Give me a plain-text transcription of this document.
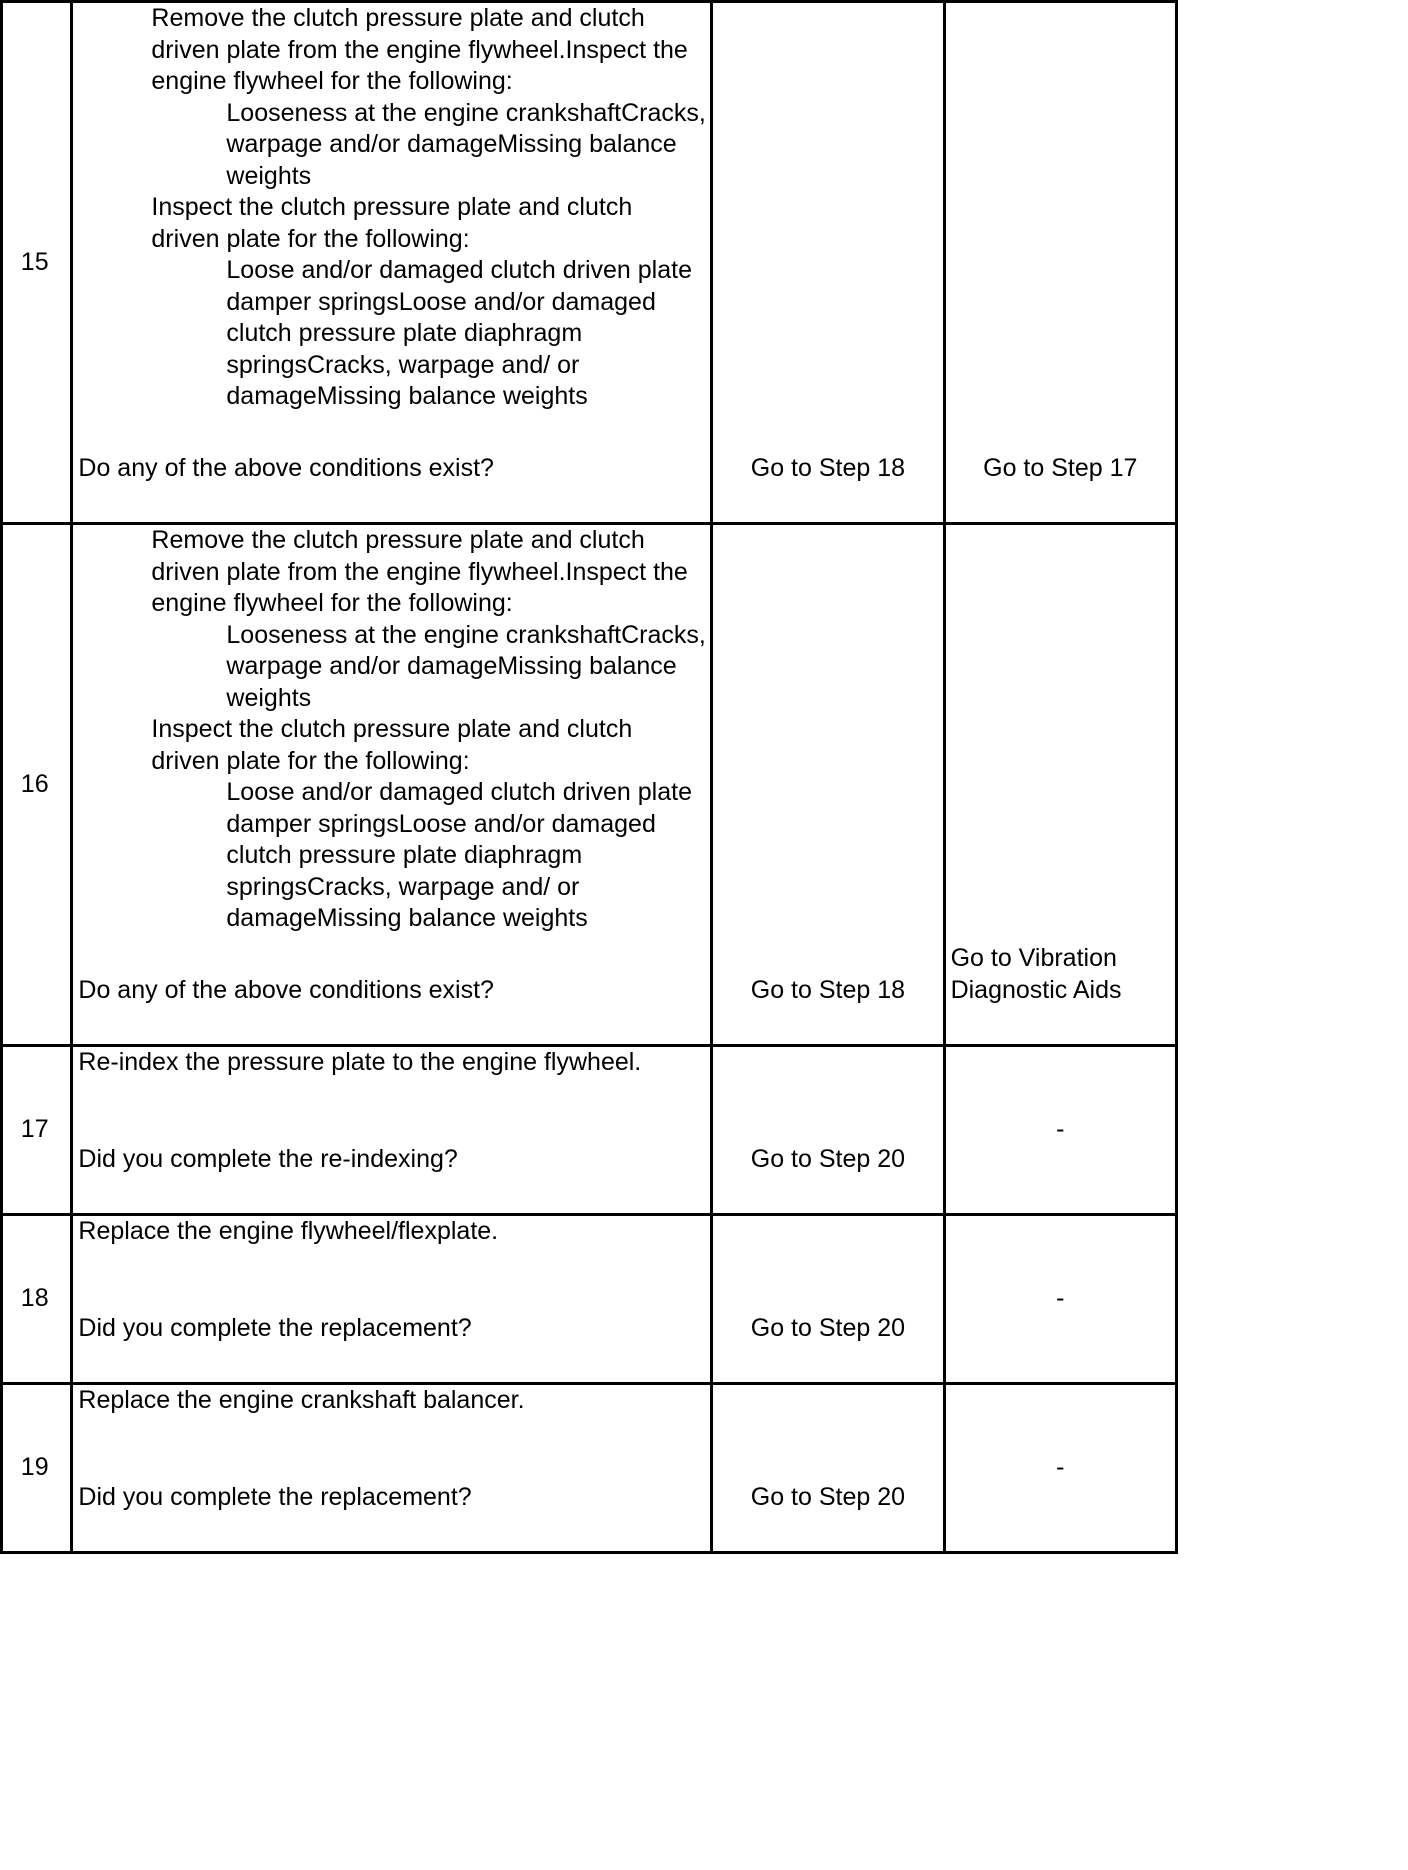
15	Remove the clutch pressure plate and clutch driven plate from the engine flywheel.Inspect the engine flywheel for the following:
Looseness at the engine crankshaftCracks, warpage and/or damageMissing balance weights
Inspect the clutch pressure plate and clutch driven plate for the following:
Loose and/or damaged clutch driven plate damper springsLoose and/or damaged clutch pressure plate diaphragm springsCracks, warpage and/ or damageMissing balance weights
Do any of the above conditions exist?	Go to Step 18	Go to Step 17

16	Remove the clutch pressure plate and clutch driven plate from the engine flywheel.Inspect the engine flywheel for the following:
Looseness at the engine crankshaftCracks, warpage and/or damageMissing balance weights
Inspect the clutch pressure plate and clutch driven plate for the following:
Loose and/or damaged clutch driven plate damper springsLoose and/or damaged clutch pressure plate diaphragm springsCracks, warpage and/ or damageMissing balance weights
Do any of the above conditions exist?	Go to Step 18	Go to Vibration Diagnostic Aids

17	Re-index the pressure plate to the engine flywheel.
Did you complete the re-indexing?	Go to Step 20	-

18	Replace the engine flywheel/flexplate.
Did you complete the replacement?	Go to Step 20	-

19	Replace the engine crankshaft balancer.
Did you complete the replacement?	Go to Step 20	-
